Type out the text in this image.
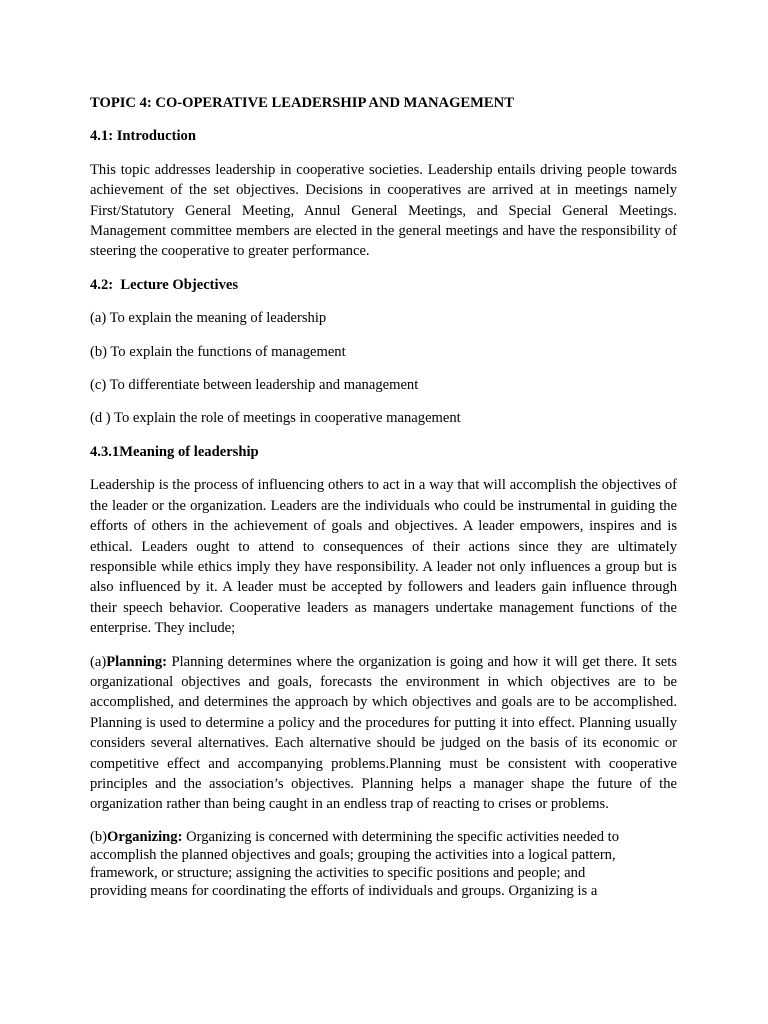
TOPIC 4: CO-OPERATIVE LEADERSHIP AND MANAGEMENT
4.1: Introduction

This topic addresses leadership in cooperative societies. Leadership entails driving people towards achievement of the set objectives. Decisions in cooperatives are arrived at in meetings namely First/Statutory General Meeting, Annul General Meetings, and Special General Meetings. Management committee members are elected in the general meetings and have the responsibility of steering the cooperative to greater performance.

4.2:  Lecture Objectives
(a) To explain the meaning of leadership
(b) To explain the functions of management
(c) To differentiate between leadership and management
(d ) To explain the role of meetings in cooperative management
4.3.1Meaning of leadership

Leadership is the process of influencing others to act in a way that will accomplish the objectives of the leader or the organization. Leaders are the individuals who could be instrumental in guiding the efforts of others in the achievement of goals and objectives. A leader empowers, inspires and is ethical. Leaders ought to attend to consequences of their actions since they are ultimately responsible while ethics imply they have responsibility. A leader not only influences a group but is also influenced by it. A leader must be accepted by followers and leaders gain influence through their speech behavior. Cooperative leaders as managers undertake management functions of the enterprise. They include;

(a)Planning: Planning determines where the organization is going and how it will get there. It sets organizational objectives and goals, forecasts the environment in which objectives are to be accomplished, and determines the approach by which objectives and goals are to be accomplished. Planning is used to determine a policy and the procedures for putting it into effect. Planning usually considers several alternatives. Each alternative should be judged on the basis of its economic or competitive effect and accompanying problems.Planning must be consistent with cooperative principles and the association’s objectives. Planning helps a manager shape the future of the organization rather than being caught in an endless trap of reacting to crises or problems.

(b)Organizing: Organizing is concerned with determining the specific activities needed to
accomplish the planned objectives and goals; grouping the activities into a logical pattern,
framework, or structure; assigning the activities to specific positions and people; and
providing means for coordinating the efforts of individuals and groups. Organizing is a
